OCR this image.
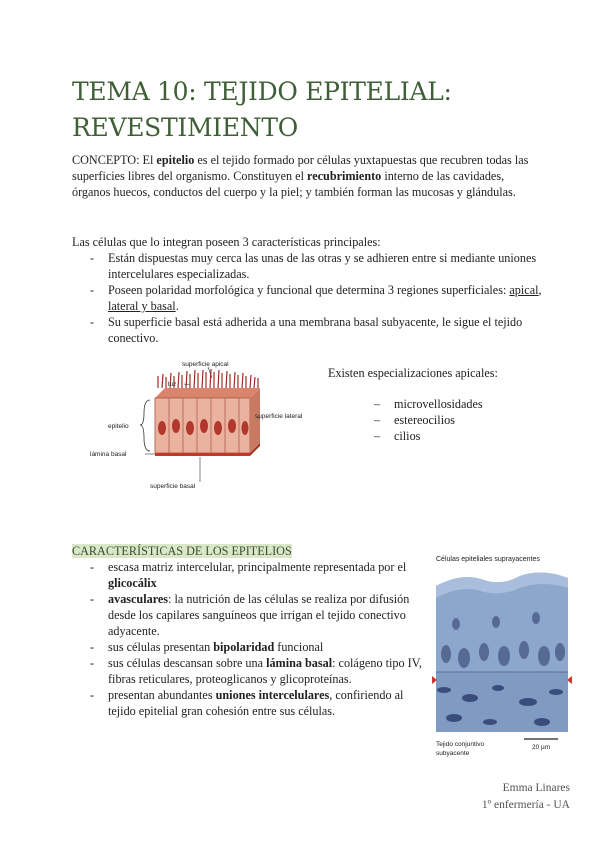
TEMA 10: TEJIDO EPITELIAL: REVESTIMIENTO
CONCEPTO: El epitelio es el tejido formado por células yuxtapuestas que recubren todas las superficies libres del organismo. Constituyen el recubrimiento interno de las cavidades, órganos huecos, conductos del cuerpo y la piel; y también forman las mucosas y glándulas.
Las células que lo integran poseen 3 características principales:
- Están dispuestas muy cerca las unas de las otras y se adhieren entre si mediante uniones intercelulares especializadas.
- Poseen polaridad morfológica y funcional que determina 3 regiones superficiales: apical, lateral y basal.
- Su superficie basal está adherida a una membrana basal subyacente, le sigue el tejido conectivo.
superficie apical
luz
superficie lateral
epitelio
lámina basal
superficie basal
Existen especializaciones apicales:
– microvellosidades
– estereocilios
– cilios
CARACTERÍSTICAS DE LOS EPITELIOS
- escasa matriz intercelular, principalmente representada por el glicocálix
- avasculares: la nutrición de las células se realiza por difusión desde los capilares sanguíneos que irrigan el tejido conectivo adyacente.
- sus células presentan bipolaridad funcional
- sus células descansan sobre una lámina basal: colágeno tipo IV, fibras reticulares, proteoglicanos y glicoproteínas.
- presentan abundantes uniones intercelulares, confiriendo al tejido epitelial gran cohesión entre sus células.
Células epiteliales suprayacentes
Tejido conjuntivo
subyacente
20 µm
Emma Linares
1º enfermería - UA
